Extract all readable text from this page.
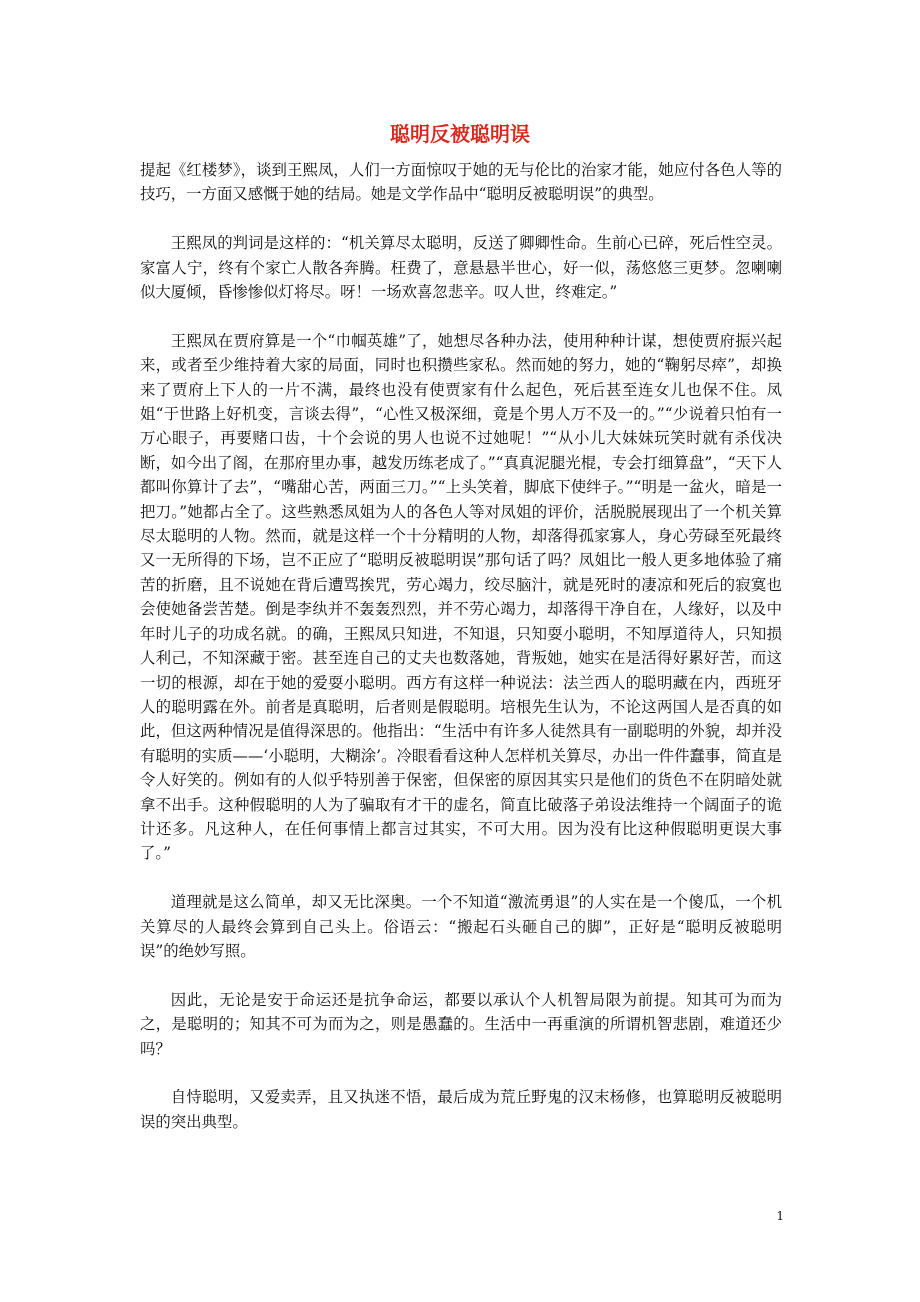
聪明反被聪明误

提起《红楼梦》，谈到王熙凤，人们一方面惊叹于她的无与伦比的治家才能，她应付各色人等的技巧，一方面又感慨于她的结局。她是文学作品中“聪明反被聪明误”的典型。

王熙凤的判词是这样的：“机关算尽太聪明，反送了卿卿性命。生前心已碎，死后性空灵。家富人宁，终有个家亡人散各奔腾。枉费了，意悬悬半世心，好一似，荡悠悠三更梦。忽喇喇似大厦倾，昏惨惨似灯将尽。呀！一场欢喜忽悲辛。叹人世，终难定。”

王熙凤在贾府算是一个“巾帼英雄”了，她想尽各种办法，使用种种计谋，想使贾府振兴起来，或者至少维持着大家的局面，同时也积攒些家私。然而她的努力，她的“鞠躬尽瘁”，却换来了贾府上下人的一片不满，最终也没有使贾家有什么起色，死后甚至连女儿也保不住。凤姐“于世路上好机变，言谈去得”，“心性又极深细，竟是个男人万不及一的。”“少说着只怕有一万心眼子，再要赌口齿，十个会说的男人也说不过她呢！”“从小儿大妹妹玩笑时就有杀伐决断，如今出了阁，在那府里办事，越发历练老成了。”“真真泥腿光棍，专会打细算盘”，“天下人都叫你算计了去”，“嘴甜心苦，两面三刀。”“上头笑着，脚底下使绊子。”“明是一盆火，暗是一把刀。”她都占全了。这些熟悉凤姐为人的各色人等对凤姐的评价，活脱脱展现出了一个机关算尽太聪明的人物。然而，就是这样一个十分精明的人物，却落得孤家寡人，身心劳碌至死最终又一无所得的下场，岂不正应了“聪明反被聪明误”那句话了吗？凤姐比一般人更多地体验了痛苦的折磨，且不说她在背后遭骂挨咒，劳心竭力，绞尽脑汁，就是死时的凄凉和死后的寂寞也会使她备尝苦楚。倒是李纨并不轰轰烈烈，并不劳心竭力，却落得干净自在，人缘好，以及中年时儿子的功成名就。的确，王熙凤只知进，不知退，只知耍小聪明，不知厚道待人，只知损人利己，不知深藏于密。甚至连自己的丈夫也数落她，背叛她，她实在是活得好累好苦，而这一切的根源，却在于她的爱耍小聪明。西方有这样一种说法：法兰西人的聪明藏在内，西班牙人的聪明露在外。前者是真聪明，后者则是假聪明。培根先生认为，不论这两国人是否真的如此，但这两种情况是值得深思的。他指出：“生活中有许多人徒然具有一副聪明的外貌，却并没有聪明的实质——‘小聪明，大糊涂’。冷眼看看这种人怎样机关算尽，办出一件件蠢事，简直是令人好笑的。例如有的人似乎特别善于保密，但保密的原因其实只是他们的货色不在阴暗处就拿不出手。这种假聪明的人为了骗取有才干的虚名，简直比破落子弟设法维持一个阔面子的诡计还多。凡这种人，在任何事情上都言过其实，不可大用。因为没有比这种假聪明更误大事了。”

道理就是这么简单，却又无比深奥。一个不知道“激流勇退”的人实在是一个傻瓜，一个机关算尽的人最终会算到自己头上。俗语云：“搬起石头砸自己的脚”，正好是“聪明反被聪明误”的绝妙写照。

因此，无论是安于命运还是抗争命运，都要以承认个人机智局限为前提。知其可为而为之，是聪明的；知其不可为而为之，则是愚蠢的。生活中一再重演的所谓机智悲剧，难道还少吗？

自恃聪明，又爱卖弄，且又执迷不悟，最后成为荒丘野鬼的汉末杨修，也算聪明反被聪明误的突出典型。

1
